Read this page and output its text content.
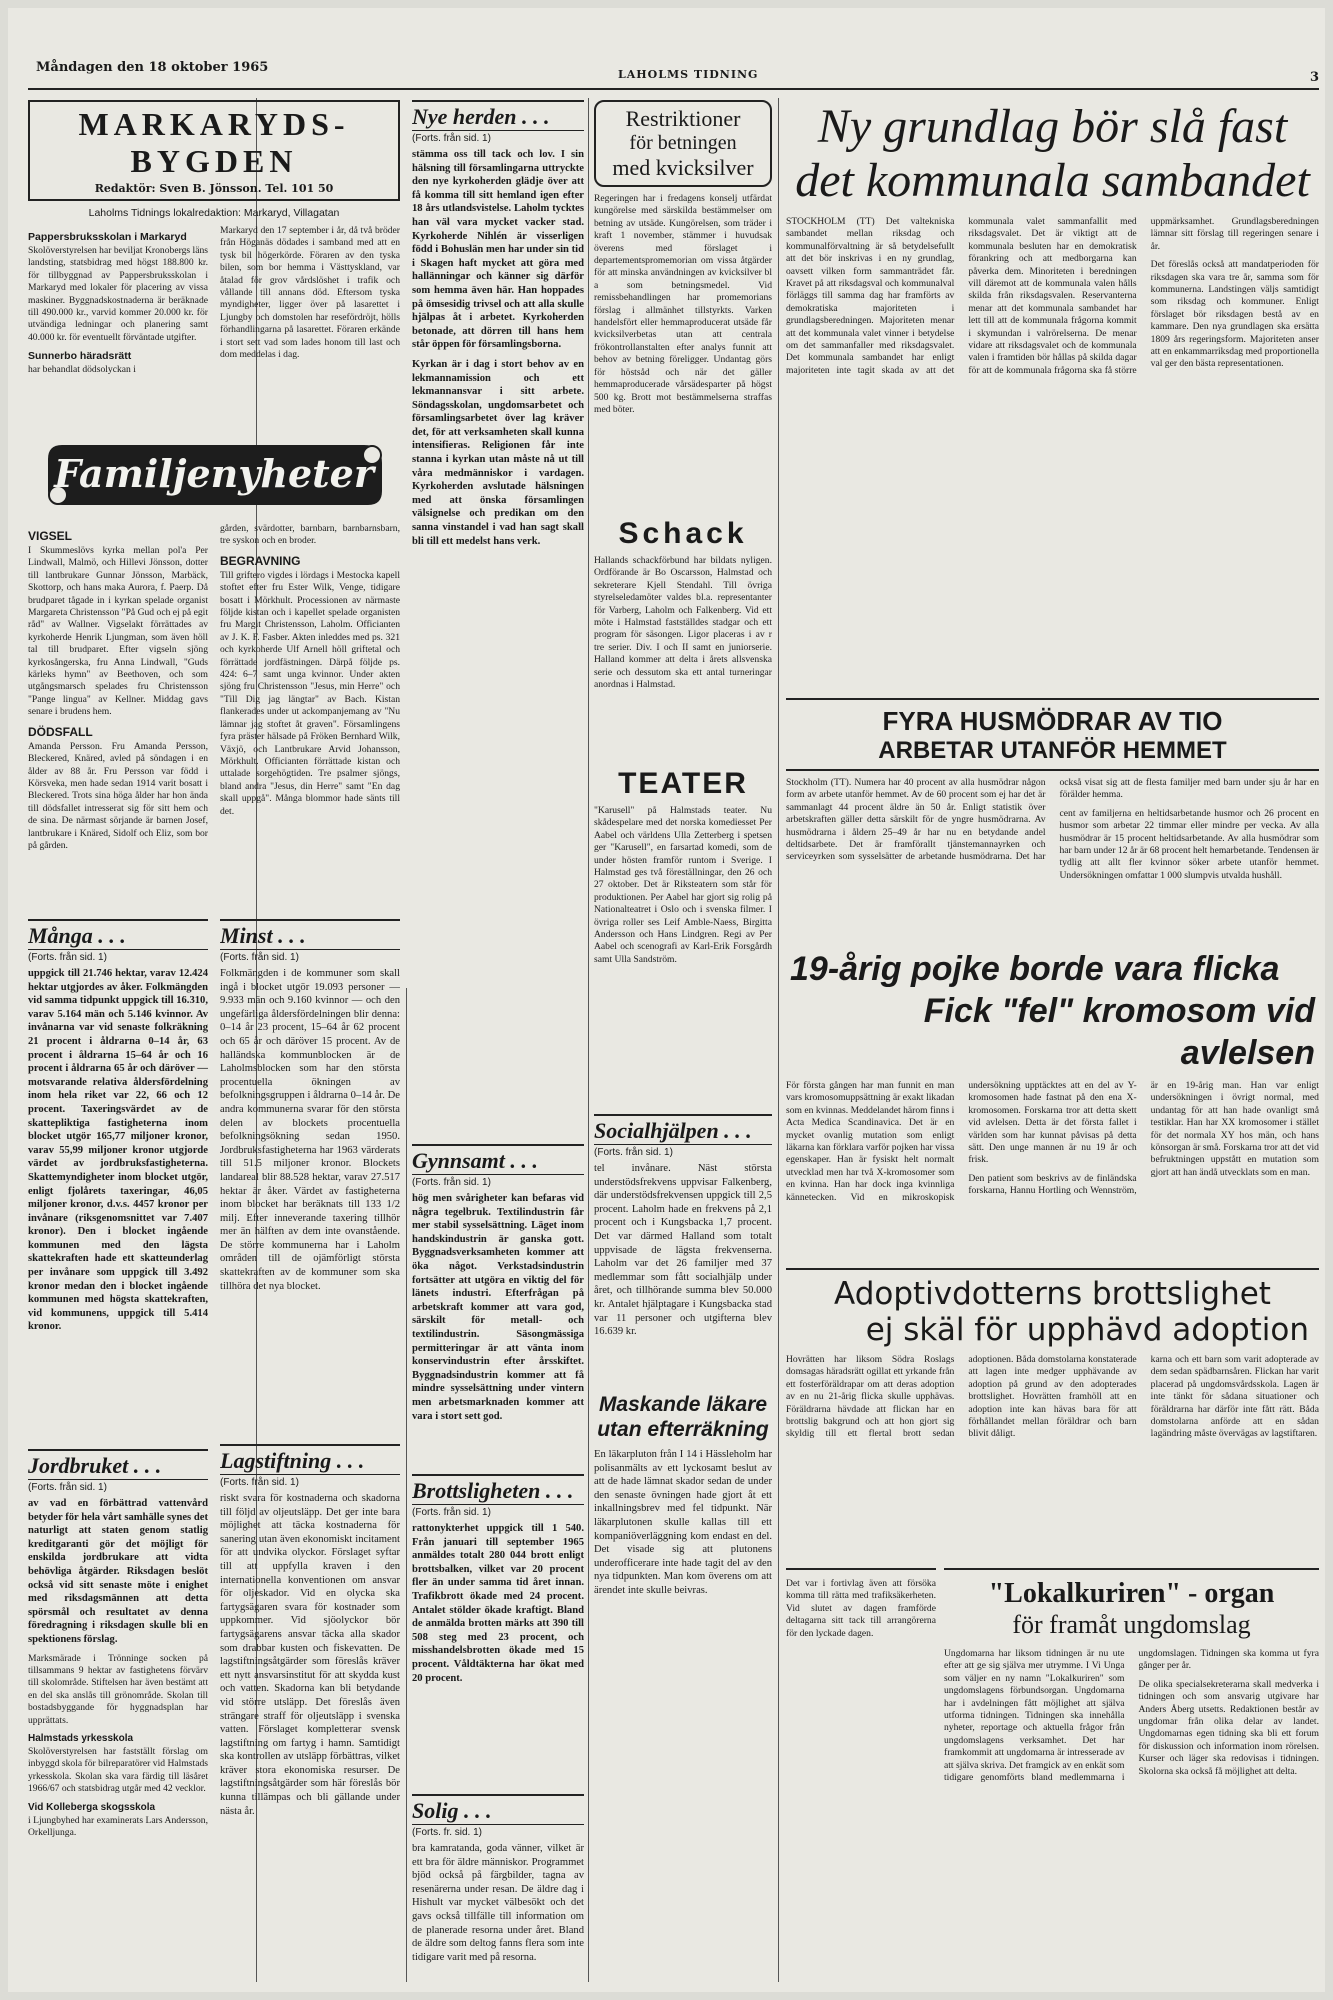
Måndagen den 18 oktober 1965	LAHOLMS TIDNING	3
MARKARYDS-BYGDEN
Redaktör: Sven B. Jönsson. Tel. 101 50
Laholms Tidnings lokalredaktion: Markaryd, Villagatan
Pappersbruksskolan i Markaryd

Skolöverstyrelsen har beviljat Kronobergs läns landsting, statsbidrag med högst 188.800 kr. för tillbyggnad av Pappersbruksskolan i Markaryd med lokaler för placering av vissa maskiner. Byggnadskostnaderna är beräknade till 490.000 kr., varvid kommer 20.000 kr. för utvändiga ledningar och planering samt 40.000 kr. för eventuellt förväntade utgifter.

Sunnerbo häradsrätt

har behandlat dödsolyckan i

Markaryd den 17 september i år, då två bröder från Höganäs dödades i samband med att en tysk bil högerkörde. Föraren av den tyska bilen, som bor hemma i Västtyskland, var åtalad för grov vårdslöshet i trafik och vållande till annans död. Eftersom tyska myndigheter, ligger över på lasarettet i Ljungby och domstolen har resefördröjt, hölls förhandlingarna på lasarettet. Föraren erkände i stort sett vad som lades honom till last och dom meddelas i dag.

Familjenyheter
VIGSEL

I Skummeslövs kyrka mellan pol'a Per Lindwall, Malmö, och Hillevi Jönsson, dotter till lantbrukare Gunnar Jönsson, Marbäck, Skottorp, och hans maka Aurora, f. Paerp. Då brudparet tågade in i kyrkan spelade organist Margareta Christensson "På Gud och ej på egit råd" av Wallner. Vigselakt förrättades av kyrkoherde Henrik Ljungman, som även höll tal till brudparet. Efter vigseln sjöng kyrkosångerska, fru Anna Lindwall, "Guds kärleks hymn" av Beethoven, och som utgångsmarsch spelades fru Christensson "Pange lingua" av Kellner. Middag gavs senare i brudens hem.

DÖDSFALL

Amanda Persson. Fru Amanda Persson, Bleckered, Knäred, avled på söndagen i en ålder av 88 år. Fru Persson var född i Körsveka, men hade sedan 1914 varit bosatt i Bleckered. Trots sina höga ålder har hon ända till dödsfallet intresserat sig för sitt hem och de sina. De närmast sörjande är barnen Josef, lantbrukare i Knäred, Sidolf och Eliz, som bor på gården.

gården, svärdotter, barnbarn, barnbarnsbarn, tre syskon och en broder.

BEGRAVNING

Till griftero vigdes i lördags i Mestocka kapell stoftet efter fru Ester Wilk, Venge, tidigare bosatt i Mörkhult. Processionen av närmaste följde kistan och i kapellet spelade organisten fru Margit Christensson, Laholm. Officianten av J. K. F. Fasber. Akten inleddes med ps. 321 och kyrkoherde Ulf Arnell höll griftetal och förrättade jordfästningen. Därpå följde ps. 424: 6–7 samt unga kvinnor. Under akten sjöng fru Christensson "Jesus, min Herre" och "Till Dig jag längtar" av Bach. Kistan flankerades under ut ackompanjemang av "Nu lämnar jag stoftet åt graven". Församlingens fyra präster hälsade på Fröken Bernhard Wilk, Växjö, och Lantbrukare Arvid Johansson, Mörkhult. Officianten förrättade kistan och uttalade sorgehögtiden. Tre psalmer sjöngs, bland andra "Jesus, din Herre" samt "En dag skall uppgå". Många blommor hade sänts till det.

Många . . .
(Forts. från sid. 1)

uppgick till 21.746 hektar, varav 12.424 hektar utgjordes av åker. Folkmängden vid samma tidpunkt uppgick till 16.310, varav 5.164 män och 5.146 kvinnor. Av invånarna var vid senaste folkräkning 21 procent i åldrarna 0–14 år, 63 procent i åldrarna 15–64 år och 16 procent i åldrarna 65 år och däröver — motsvarande relativa åldersfördelning inom hela riket var 22, 66 och 12 procent. Taxeringsvärdet av de skattepliktiga fastigheterna inom blocket utgör 165,77 miljoner kronor, varav 55,99 miljoner kronor utgjorde värdet av jordbruksfastigheterna. Skattemyndigheter inom blocket utgör, enligt fjolårets taxeringar, 46,05 miljoner kronor, d.v.s. 4457 kronor per invånare (riksgenomsnittet var 7.407 kronor). Den i blocket ingående kommunen med den lägsta skattekraften hade ett skatteunderlag per invånare som uppgick till 3.492 kronor medan den i blocket ingående kommunen med högsta skattekraften, vid kommunens, uppgick till 5.414 kronor.

Jordbruket . . .
(Forts. från sid. 1)

av vad en förbättrad vattenvård betyder för hela vårt samhälle synes det naturligt att staten genom statlig kreditgaranti gör det möjligt för enskilda jordbrukare att vidta behövliga åtgärder. Riksdagen beslöt också vid sitt senaste möte i enighet med riksdagsmännen att detta spörsmål och resultatet av denna föredragning i riksdagen skulle bli en spektionens förslag.

Marksmärade i Trönninge socken på tillsammans 9 hektar av fastighetens förvärv till skolområde. Stiftelsen har även bestämt att en del ska anslås till grönområde. Skolan till bostadsbyggande för hyggnadsplan har upprättats.

Halmstads yrkesskola

Skolöverstyrelsen har fastställt förslag om inbyggd skola för bilreparatörer vid Halmstads yrkesskola. Skolan ska vara färdig till läsåret 1966/67 och statsbidrag utgår med 42 vecklor.

Vid Kolleberga skogsskola

i Ljungbyhed har examinerats Lars Andersson, Orkelljunga.

Minst . . .
(Forts. från sid. 1)

Folkmängden i de kommuner som skall ingå i blocket utgör 19.093 personer — 9.933 män och 9.160 kvinnor — och den ungefärliga åldersfördelningen blir denna: 0–14 år 23 procent, 15–64 år 62 procent och 65 år och däröver 15 procent. Av de halländska kommunblocken är de Laholmsblocken som har den största procentuella ökningen av befolkningsgruppen i åldrarna 0–14 år. De andra kommunerna svarar för den största delen av blockets procentuella befolkningsökning sedan 1950. Jordbruksfastigheterna har 1963 värderats till 51.5 miljoner kronor. Blockets landareal blir 88.528 hektar, varav 27.517 hektar är åker. Värdet av fastigheterna inom blocket har beräknats till 133 1/2 milj. Efter inneverande taxering tillhör mer än hälften av dem inte ovanstående. De större kommunerna har i Laholm områden till de ojämförligt största skattekraften av de kommuner som ska tillhöra det nya blocket.

Lagstiftning . . .
(Forts. från sid. 1)

riskt svara för kostnaderna och skadorna till följd av oljeutsläpp. Det ger inte bara möjlighet att täcka kostnaderna för sanering utan även ekonomiskt incitament för att undvika olyckor. Förslaget syftar till att uppfylla kraven i den internationella konventionen om ansvar för oljeskador. Vid en olycka ska fartygsägaren svara för kostnader som uppkommer. Vid sjöolyckor bör fartygsägarens ansvar täcka alla skador som drabbar kusten och fiskevatten. De lagstiftningsåtgärder som föreslås kräver ett nytt ansvarsinstitut för att skydda kust och vatten. Skadorna kan bli betydande vid större utsläpp. Det föreslås även strängare straff för oljeutsläpp i svenska vatten. Förslaget kompletterar svensk lagstiftning om fartyg i hamn. Samtidigt ska kontrollen av utsläpp förbättras, vilket kräver stora ekonomiska resurser. De lagstiftningsåtgärder som här föreslås bör kunna tillämpas och bli gällande under nästa år.

Nye herden . . .
(Forts. från sid. 1)

stämma oss till tack och lov. I sin hälsning till församlingarna uttryckte den nye kyrkoherden glädje över att få komma till sitt hemland igen efter 18 års utlandsvistelse. Laholm tycktes han väl vara mycket vacker stad. Kyrkoherde Nihlén är visserligen född i Bohuslän men har under sin tid i Skagen haft mycket att göra med hallänningar och känner sig därför som hemma även här. Han hoppades på ömsesidig trivsel och att alla skulle hjälpas åt i arbetet. Kyrkoherden betonade, att dörren till hans hem står öppen för församlingsborna.

Kyrkan är i dag i stort behov av en lekmannamission och ett lekmannansvar i sitt arbete. Söndagsskolan, ungdomsarbetet och församlingsarbetet över lag kräver det, för att verksamheten skall kunna intensifieras. Religionen får inte stanna i kyrkan utan måste nå ut till våra medmänniskor i vardagen. Kyrkoherden avslutade hälsningen med att önska församlingen välsignelse och predikan om den sanna vinstandel i vad han sagt skall bli till ett medelst hans verk.

Gynnsamt . . .
(Forts. från sid. 1)

hög men svårigheter kan befaras vid några tegelbruk. Textilindustrin får mer stabil sysselsättning. Läget inom handskindustrin är ganska gott. Byggnadsverksamheten kommer att öka något. Verkstadsindustrin fortsätter att utgöra en viktig del för länets industri. Efterfrågan på arbetskraft kommer att vara god, särskilt för metall- och textilindustrin. Säsongmässiga permitteringar är att vänta inom konservindustrin efter årsskiftet. Byggnadsindustrin kommer att få mindre sysselsättning under vintern men arbetsmarknaden kommer att vara i stort sett god.

Brottsligheten . . .
(Forts. från sid. 1)

rattonykterhet uppgick till 1 540. Från januari till september 1965 anmäldes totalt 280 044 brott enligt brottsbalken, vilket var 20 procent fler än under samma tid året innan. Trafikbrott ökade med 24 procent. Antalet stölder ökade kraftigt. Bland de anmälda brotten märks att 390 till 508 steg med 23 procent, och misshandelsbrotten ökade med 15 procent. Våldtäkterna har ökat med 20 procent.

Solig . . .
(Forts. fr. sid. 1)

bra kamratanda, goda vänner, vilket är ett bra för äldre människor. Programmet bjöd också på färgbilder, tagna av resenärerna under resan. De äldre dag i Hishult var mycket välbesökt och det gavs också tillfälle till information om de planerade resorna under året. Bland de äldre som deltog fanns flera som inte tidigare varit med på resorna.

Restriktioner
för betningen
med kvicksilver

Regeringen har i fredagens konselj utfärdat kungörelse med särskilda bestämmelser om betning av utsäde. Kungörelsen, som träder i kraft 1 november, stämmer i huvudsak överens med förslaget i departementspromemorian om vissa åtgärder för att minska användningen av kvicksilver bl a som betningsmedel. Vid remissbehandlingen har promemorians förslag i allmänhet tillstyrkts. Varken handelsfört eller hemmaproducerat utsäde får kvicksilverbetas utan att centrala frökontrollanstalten efter analys funnit att behov av betning föreligger. Undantag görs för höstsåd och när det gäller hemmaproducerade vårsädesparter på högst 500 kg. Brott mot bestämmelserna straffas med böter.

Schack

Hallands schackförbund har bildats nyligen. Ordförande är Bo Oscarsson, Halmstad och sekreterare Kjell Stendahl. Till övriga styrelseledamöter valdes bl.a. representanter för Varberg, Laholm och Falkenberg. Vid ett möte i Halmstad fastställdes stadgar och ett program för säsongen. Ligor placeras i av r tre serier. Div. I och II samt en juniorserie. Halland kommer att delta i årets allsvenska serie och dessutom ska ett antal turneringar anordnas i Halmstad.

TEATER

"Karusell" på Halmstads teater. Nu skådespelare med det norska komediesset Per Aabel och världens Ulla Zetterberg i spetsen ger "Karusell", en farsartad komedi, som de under hösten framför runtom i Sverige. I Halmstad ges två föreställningar, den 26 och 27 oktober. Det är Riksteatern som står för produktionen. Per Aabel har gjort sig rolig på Nationalteatret i Oslo och i svenska filmer. I övriga roller ses Leif Amble-Naess, Birgitta Andersson och Hans Lindgren. Regi av Per Aabel och scenografi av Karl-Erik Forsgårdh samt Ulla Sandström.

Socialhjälpen . . .
(Forts. från sid. 1)

tel invånare. Näst största understödsfrekvens uppvisar Falkenberg, där understödsfrekvensen uppgick till 2,5 procent. Laholm hade en frekvens på 2,1 procent och i Kungsbacka 1,7 procent. Det var därmed Halland som totalt uppvisade de lägsta frekvenserna. Laholm var det 26 familjer med 37 medlemmar som fått socialhjälp under året, och tillhörande summa blev 50.000 kr. Antalet hjälptagare i Kungsbacka stad var 11 personer och utgifterna blev 16.639 kr.

Maskande läkare
utan efterräkning

En läkarpluton från I 14 i Hässleholm har polisanmälts av ett lyckosamt beslut av att de hade lämnat skador sedan de under den senaste övningen hade gjort åt ett inkallningsbrev med fel tidpunkt. När läkarplutonen skulle kallas till ett kompaniöverläggning kom endast en del. Det visade sig att plutonens underofficerare inte hade tagit del av den nya tidpunkten. Man kom överens om att ärendet inte skulle beivras.

Ny grundlag bör slå fast

det kommunala sambandet

STOCKHOLM (TT) Det valtekniska sambandet mellan riksdag och kommunalförvaltning är så betydelsefullt att det bör inskrivas i en ny grundlag, oavsett vilken form sammanträdet får. Kravet på att riksdagsval och kommunalval förläggs till samma dag har framförts av demokratiska majoriteten i grundlagsberedningen. Majoriteten menar att det kommunala valet vinner i betydelse om det sammanfaller med riksdagsvalet. Det kommunala sambandet har enligt majoriteten inte tagit skada av att det kommunala valet sammanfallit med riksdagsvalet. Det är viktigt att de kommunala besluten har en demokratisk förankring och att medborgarna kan påverka dem. Minoriteten i beredningen vill däremot att de kommunala valen hålls skilda från riksdagsvalen. Reservanterna menar att det kommunala sambandet har lett till att de kommunala frågorna kommit i skymundan i valrörelserna. De menar vidare att riksdagsvalet och de kommunala valen i framtiden bör hållas på skilda dagar för att de kommunala frågorna ska få större uppmärksamhet. Grundlagsberedningen lämnar sitt förslag till regeringen senare i år.

Det föreslås också att mandatperioden för riksdagen ska vara tre år, samma som för kommunerna. Landstingen väljs samtidigt som riksdag och kommuner. Enligt förslaget bör riksdagen bestå av en kammare. Den nya grundlagen ska ersätta 1809 års regeringsform. Majoriteten anser att en enkammarriksdag med proportionella val ger den bästa representationen.

FYRA HUSMÖDRAR AV TIO

ARBETAR UTANFÖR HEMMET

Stockholm (TT). Numera har 40 procent av alla husmödrar någon form av arbete utanför hemmet. Av de 60 procent som ej har det är sammanlagt 44 procent äldre än 50 år. Enligt statistik över arbetskraften gäller detta särskilt för de yngre husmödrarna. Av husmödrarna i åldern 25–49 år har nu en betydande andel deltidsarbete. Det är framförallt tjänstemannayrken och serviceyrken som sysselsätter de arbetande husmödrarna. Det har också visat sig att de flesta familjer med barn under sju år har en förälder hemma.

cent av familjerna en heltidsarbetande husmor och 26 procent en husmor som arbetar 22 timmar eller mindre per vecka. Av alla husmödrar är 15 procent heltidsarbetande. Av alla husmödrar som har barn under 12 år är 68 procent helt hemarbetande. Tendensen är tydlig att allt fler kvinnor söker arbete utanför hemmet. Undersökningen omfattar 1 000 slumpvis utvalda hushåll.

19-årig pojke borde vara flicka

Fick "fel" kromosom vid avlelsen

För första gången har man funnit en man vars kromosomuppsättning är exakt likadan som en kvinnas. Meddelandet härom finns i Acta Medica Scandinavica. Det är en mycket ovanlig mutation som enligt läkarna kan förklara varför pojken har vissa egenskaper. Han är fysiskt helt normalt utvecklad men har två X-kromosomer som en kvinna. Han har dock inga kvinnliga kännetecken. Vid en mikroskopisk undersökning upptäcktes att en del av Y-kromosomen hade fastnat på den ena X-kromosomen. Forskarna tror att detta skett vid avlelsen. Detta är det första fallet i världen som har kunnat påvisas på detta sätt. Den unge mannen är nu 19 år och frisk.

Den patient som beskrivs av de finländska forskarna, Hannu Hortling och Wennström, är en 19-årig man. Han var enligt undersökningen i övrigt normal, med undantag för att han hade ovanligt små testiklar. Han har XX kromosomer i stället för det normala XY hos män, och hans könsorgan är små. Forskarna tror att det vid befruktningen uppstått en mutation som gjort att han ändå utvecklats som en man.

Adoptivdotterns brottslighet

ej skäl för upphävd adoption

Hovrätten har liksom Södra Roslags domsagas häradsrätt ogillat ett yrkande från ett fosterföräldrapar om att deras adoption av en nu 21-årig flicka skulle upphävas. Föräldrarna hävdade att flickan har en brottslig bakgrund och att hon gjort sig skyldig till ett flertal brott sedan adoptionen. Båda domstolarna konstaterade att lagen inte medger upphävande av adoption på grund av den adopterades brottslighet. Hovrätten framhöll att en adoption inte kan hävas bara för att förhållandet mellan föräldrar och barn blivit dåligt.

karna och ett barn som varit adopterade av dem sedan spädbarnsåren. Flickan har varit placerad på ungdomsvårdsskola. Lagen är inte tänkt för sådana situationer och föräldrarna har därför inte fått rätt. Båda domstolarna anförde att en sådan lagändring måste övervägas av lagstiftaren.

"Lokalkuriren" - organ

för framåt ungdomslag

Ungdomarna har liksom tidningen är nu ute efter att ge sig själva mer utrymme. I Vi Unga som väljer en ny namn "Lokalkuriren" som ungdomslagens förbundsorgan. Ungdomarna har i avdelningen fått möjlighet att själva utforma tidningen. Tidningen ska innehålla nyheter, reportage och aktuella frågor från ungdomslagens verksamhet. Det har framkommit att ungdomarna är intresserade av att själva skriva. Det framgick av en enkät som tidigare genomförts bland medlemmarna i ungdomslagen. Tidningen ska komma ut fyra gånger per år.

De olika specialsekreterarna skall medverka i tidningen och som ansvarig utgivare har Anders Åberg utsetts. Redaktionen består av ungdomar från olika delar av landet. Ungdomarnas egen tidning ska bli ett forum för diskussion och information inom rörelsen. Kurser och läger ska redovisas i tidningen. Skolorna ska också få möjlighet att delta.

Det var i fortivlag även att försöka komma till rätta med trafiksäkerheten. Vid slutet av dagen framförde deltagarna sitt tack till arrangörerna för den lyckade dagen.
